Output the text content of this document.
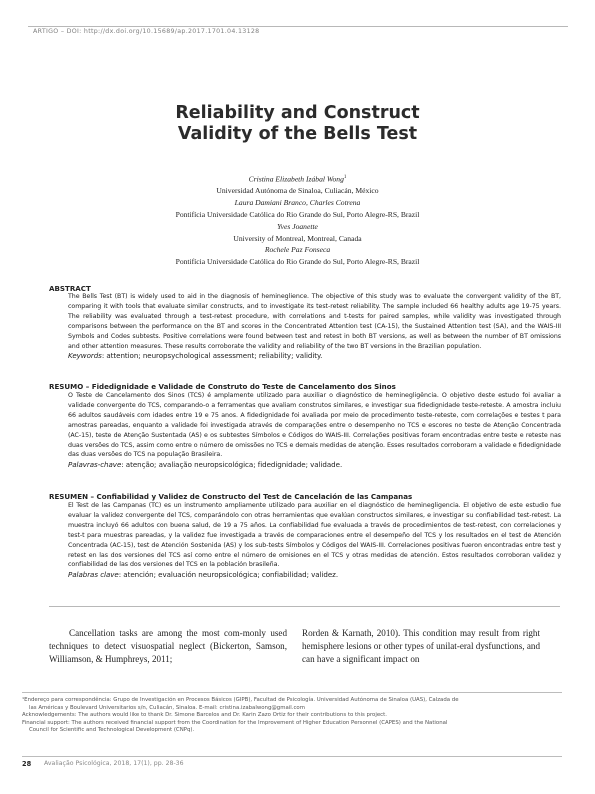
ARTIGO – DOI: http://dx.doi.org/10.15689/ap.2017.1701.04.13128
Reliability and Construct
Validity of the Bells Test
Cristina Elizabeth Izábal Wong$^1$
Universidad Autónoma de Sinaloa, Culiacán, México
Laura Damiani Branco, Charles Cotrena
Pontifícia Universidade Católica do Rio Grande do Sul, Porto Alegre-RS, Brazil
Yves Joanette
University of Montreal, Montreal, Canada
Rochele Paz Fonseca
Pontifícia Universidade Católica do Rio Grande do Sul, Porto Alegre-RS, Brazil
ABSTRACT

The Bells Test (BT) is widely used to aid in the diagnosis of hemineglience. The objective of this study was to evaluate the convergent validity of the BT, comparing it with tools that evaluate similar constructs, and to investigate its test-retest reliability. The sample included 66 healthy adults age 19-75 years. The reliability was evaluated through a test-retest procedure, with correlations and t-tests for paired samples, while validity was investigated through comparisons between the performance on the BT and scores in the Concentrated Attention test (CA-15), the Sustained Attention test (SA), and the WAIS-III Symbols and Codes subtests. Positive correlations were found between test and retest in both BT versions, as well as between the number of BT omissions and other attention measures. These results corroborate the validity and reliability of the two BT versions in the Brazilian population.

Keywords: attention; neuropsychological assessment; reliability; validity.

RESUMO – Fidedignidade e Validade de Construto do Teste de Cancelamento dos Sinos

O Teste de Cancelamento dos Sinos (TCS) é amplamente utilizado para auxiliar o diagnóstico de heminegligência. O objetivo deste estudo foi avaliar a validade convergente do TCS, comparando-o a ferramentas que avaliam construtos similares, e investigar sua fidedignidade teste-reteste. A amostra incluiu 66 adultos saudáveis com idades entre 19 e 75 anos. A fidedignidade foi avaliada por meio de procedimento teste-reteste, com correlações e testes t para amostras pareadas, enquanto a validade foi investigada através de comparações entre o desempenho no TCS e escores no teste de Atenção Concentrada (AC-15), teste de Atenção Sustentada (AS) e os subtestes Símbolos e Códigos do WAIS-III. Correlações positivas foram encontradas entre teste e reteste nas duas versões do TCS, assim como entre o número de omissões no TCS e demais medidas de atenção. Esses resultados corroboram a validade e fidedignidade das duas versões do TCS na população Brasileira.

Palavras-chave: atenção; avaliação neuropsicológica; fidedignidade; validade.

RESUMEN – Confiabilidad y Validez de Constructo del Test de Cancelación de las Campanas

El Test de las Campanas (TC) es un instrumento ampliamente utilizado para auxiliar en el diagnóstico de heminegligencia. El objetivo de este estudio fue evaluar la validez convergente del TCS, comparándolo con otras herramientas que evalúan constructos similares, e investigar su confiabilidad test-retest. La muestra incluyó 66 adultos con buena salud, de 19 a 75 años. La confiabilidad fue evaluada a través de procedimientos de test-retest, con correlaciones y test-t para muestras pareadas, y la validez fue investigada a través de comparaciones entre el desempeño del TCS y los resultados en el test de Atención Concentrada (AC-15), test de Atención Sostenida (AS) y los sub-tests Símbolos y Códigos del WAIS-III. Correlaciones positivas fueron encontradas entre test y retest en las dos versiones del TCS así como entre el número de omisiones en el TCS y otras medidas de atención. Estos resultados corroboran validez y confiabilidad de las dos versiones del TCS en la población brasileña.

Palabras clave: atención; evaluación neuropsicológica; confiabilidad; validez.

Cancellation tasks are among the most com-monly used techniques to detect visuospatial neglect (Bickerton, Samson, Williamson, & Humphreys, 2011;
Rorden & Karnath, 2010). This condition may result from right hemisphere lesions or other types of unilat-eral dysfunctions, and can have a significant impact on

¹Endereço para correspondência: Grupo de Investigación en Procesos Básicos (GIPB), Facultad de Psicología. Universidad Autónoma de Sinaloa (UAS), Calzada de

las Américas y Boulevard Universitarios s/n, Culiacán, Sinaloa. E-mail: cristina.izabalwong@gmail.com

Acknowledgements: The authors would like to thank Dr. Simone Barcelos and Dr. Karin Zazo Ortiz for their contributions to this project.

Financial support: The authors received financial support from the Coordination for the Improvement of Higher Education Personnel (CAPES) and the National

Council for Scientific and Technological Development (CNPq).

28 Avaliação Psicológica, 2018, 17(1), pp. 28-36
